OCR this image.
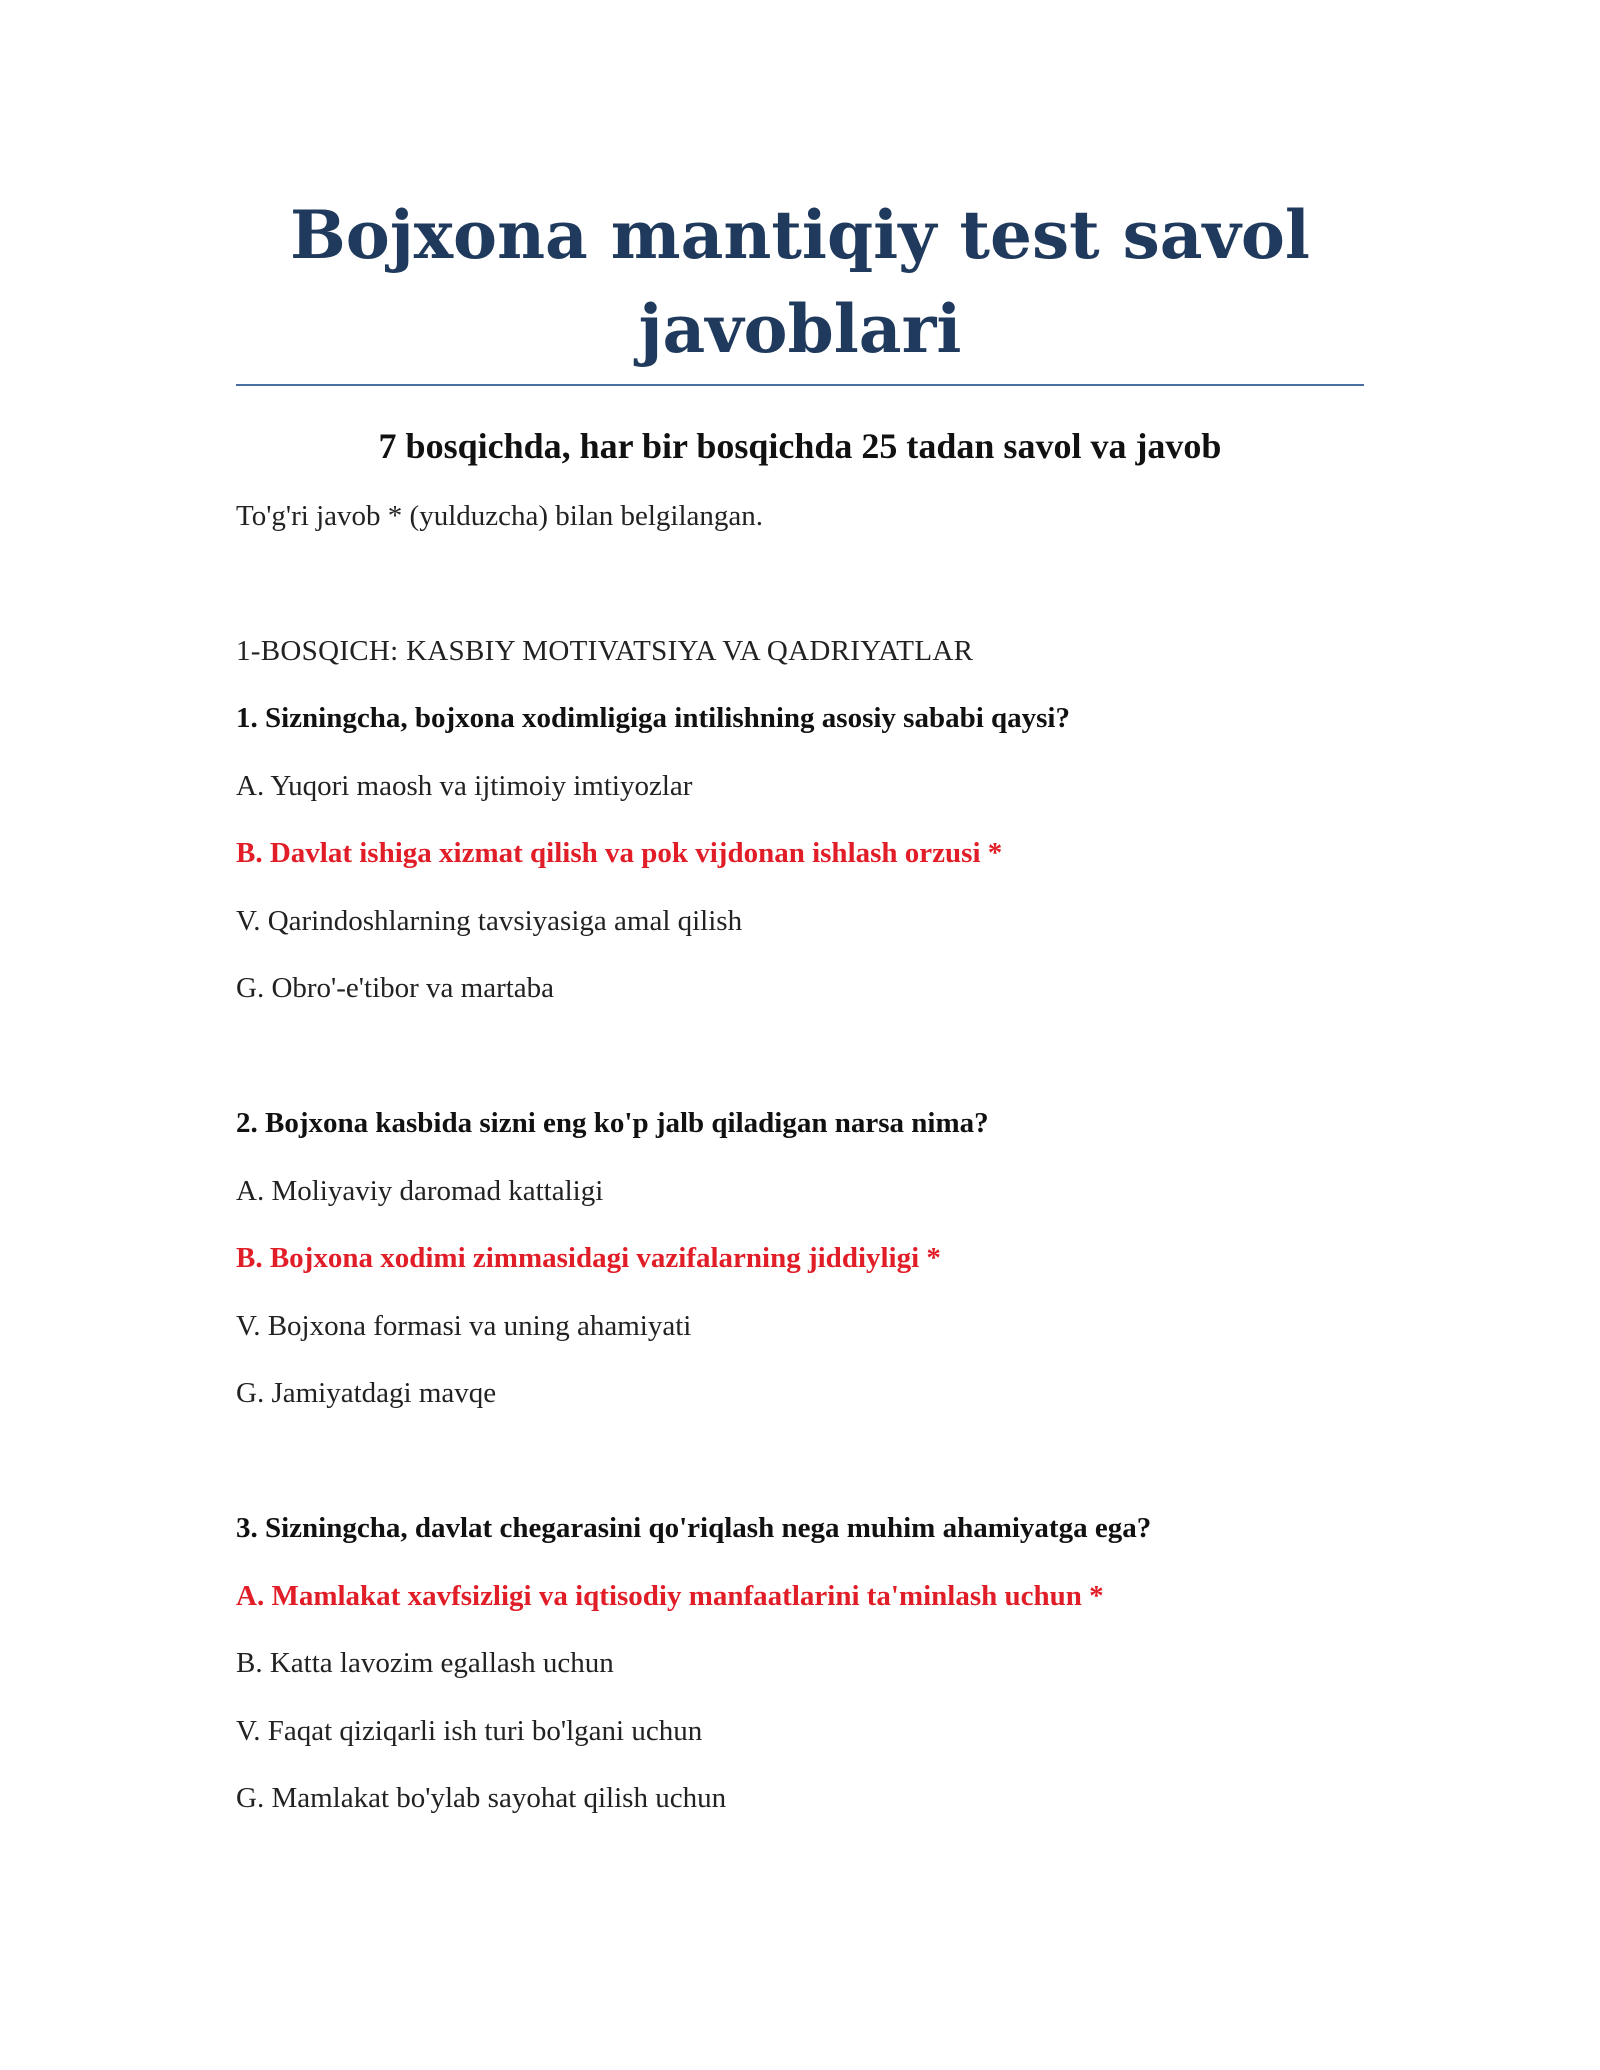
Bojxona mantiqiy test savol javoblari
7 bosqichda, har bir bosqichda 25 tadan savol va javob

To'g'ri javob * (yulduzcha) bilan belgilangan.

1-BOSQICH: KASBIY MOTIVATSIYA VA QADRIYATLAR

1. Sizningcha, bojxona xodimligiga intilishning asosiy sababi qaysi?

A. Yuqori maosh va ijtimoiy imtiyozlar

B. Davlat ishiga xizmat qilish va pok vijdonan ishlash orzusi *

V. Qarindoshlarning tavsiyasiga amal qilish

G. Obro'-e'tibor va martaba

2. Bojxona kasbida sizni eng ko'p jalb qiladigan narsa nima?

A. Moliyaviy daromad kattaligi

B. Bojxona xodimi zimmasidagi vazifalarning jiddiyligi *

V. Bojxona formasi va uning ahamiyati

G. Jamiyatdagi mavqe

3. Sizningcha, davlat chegarasini qo'riqlash nega muhim ahamiyatga ega?

A. Mamlakat xavfsizligi va iqtisodiy manfaatlarini ta'minlash uchun *

B. Katta lavozim egallash uchun

V. Faqat qiziqarli ish turi bo'lgani uchun

G. Mamlakat bo'ylab sayohat qilish uchun
